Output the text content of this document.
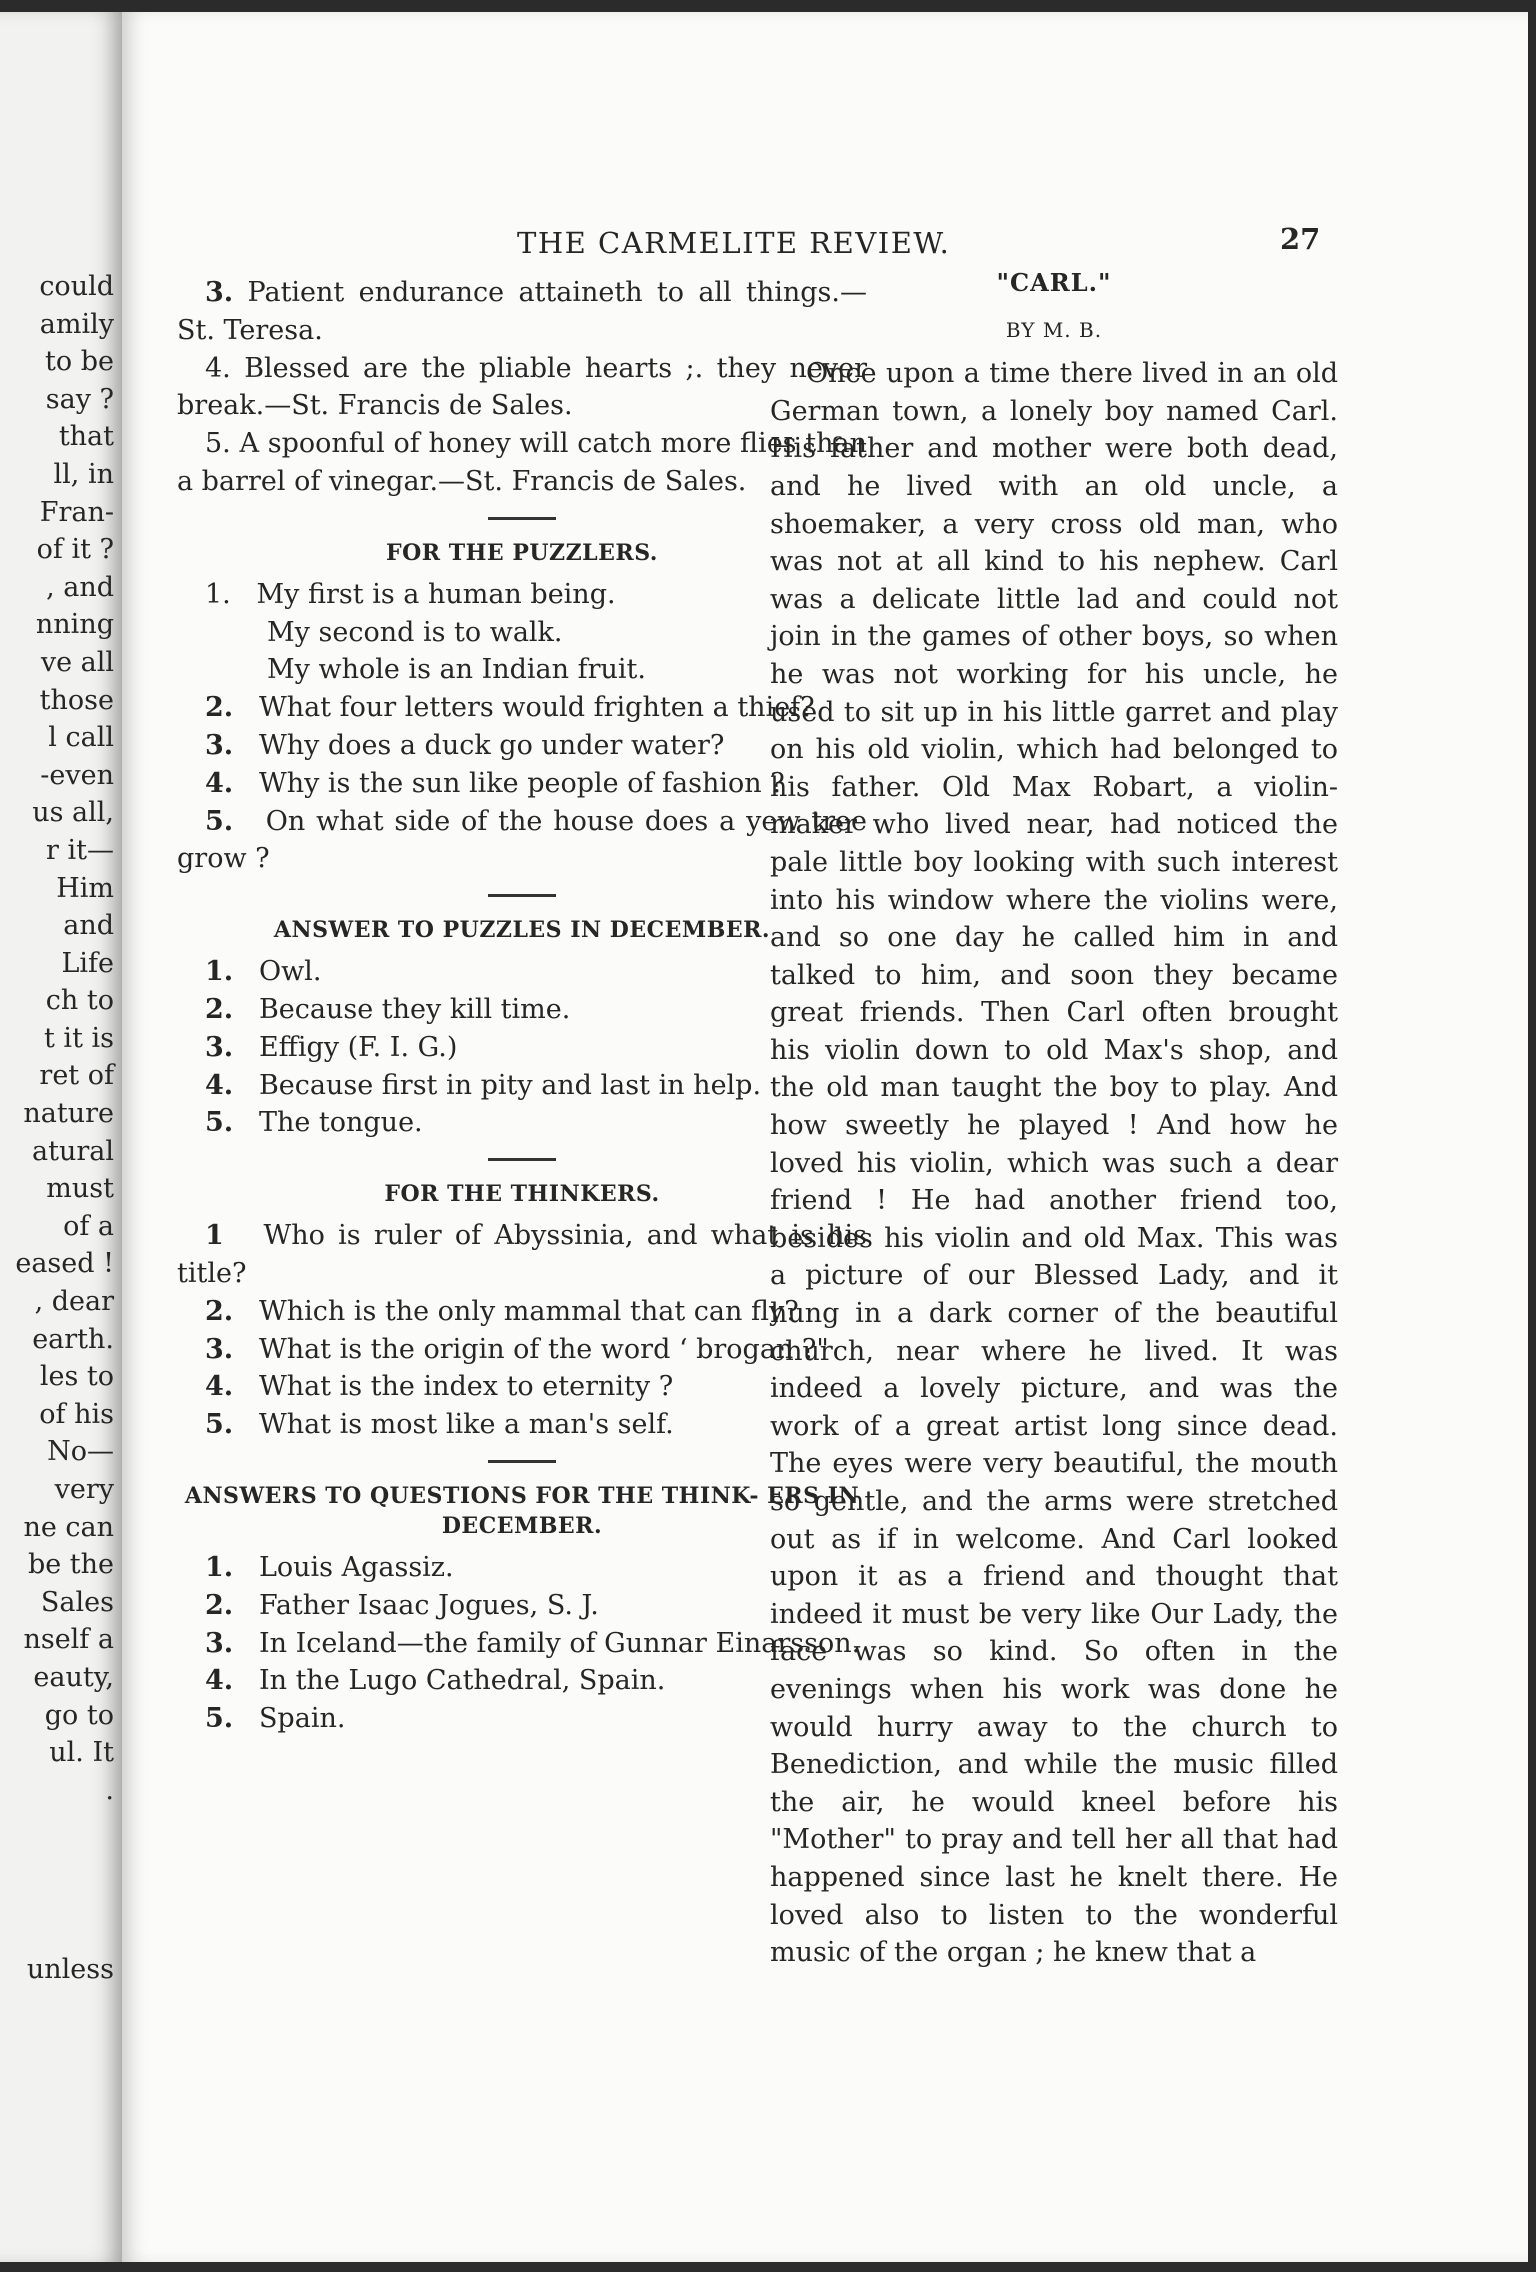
could
amily
to be
say ?
that
ll, in
Fran-
of it ?
, and
nning
ve all
those
l call
-even
us all,
r it—
Him
and
Life
ch to
t it is
ret of
nature
atural
must
of a
eased !
, dear
earth.
les to
of his
No—
very
ne can
be the
Sales
nself a
eauty,
go to
ul. It
.
unless
THE CARMELITE REVIEW.	27

3. Patient endurance attaineth to all things.—St. Teresa.

4. Blessed are the pliable hearts ;. they never break.—St. Francis de Sales.

5. A spoonful of honey will catch more flies than a barrel of vinegar.—St. Francis de Sales.

FOR THE PUZZLERS.

1. My first is a human being.

My second is to walk.

My whole is an Indian fruit.

2. What four letters would frighten a thief?

3. Why does a duck go under water?

4. Why is the sun like people of fashion ?

5. On what side of the house does a yew tree grow ?

ANSWER TO PUZZLES IN DECEMBER.

1. Owl.

2. Because they kill time.

3. Effigy (F. I. G.)

4. Because first in pity and last in help.

5. The tongue.

FOR THE THINKERS.

1 Who is ruler of Abyssinia, and what is his title?

2. Which is the only mammal that can fly?

3. What is the origin of the word ‘ brogan ?"

4. What is the index to eternity ?

5. What is most like a man's self.

ANSWERS TO QUESTIONS FOR THE THINK- ERS IN DECEMBER.

1. Louis Agassiz.

2. Father Isaac Jogues, S. J.

3. In Iceland—the family of Gunnar Einarsson.

4. In the Lugo Cathedral, Spain.

5. Spain.

"CARL."
BY M. B.

Once upon a time there lived in an old German town, a lonely boy named Carl. His father and mother were both dead, and he lived with an old uncle, a shoemaker, a very cross old man, who was not at all kind to his nephew. Carl was a delicate little lad and could not join in the games of other boys, so when he was not working for his uncle, he used to sit up in his little garret and play on his old violin, which had belonged to his father. Old Max Robart, a violin-maker who lived near, had noticed the pale little boy looking with such interest into his window where the violins were, and so one day he called him in and talked to him, and soon they became great friends. Then Carl often brought his violin down to old Max's shop, and the old man taught the boy to play. And how sweetly he played ! And how he loved his violin, which was such a dear friend ! He had another friend too, besides his violin and old Max. This was a picture of our Blessed Lady, and it hung in a dark corner of the beautiful church, near where he lived. It was indeed a lovely picture, and was the work of a great artist long since dead. The eyes were very beautiful, the mouth so gentle, and the arms were stretched out as if in welcome. And Carl looked upon it as a friend and thought that indeed it must be very like Our Lady, the face was so kind. So often in the evenings when his work was done he would hurry away to the church to Benediction, and while the music filled the air, he would kneel before his "Mother" to pray and tell her all that had happened since last he knelt there. He loved also to listen to the wonderful music of the organ ; he knew that a
